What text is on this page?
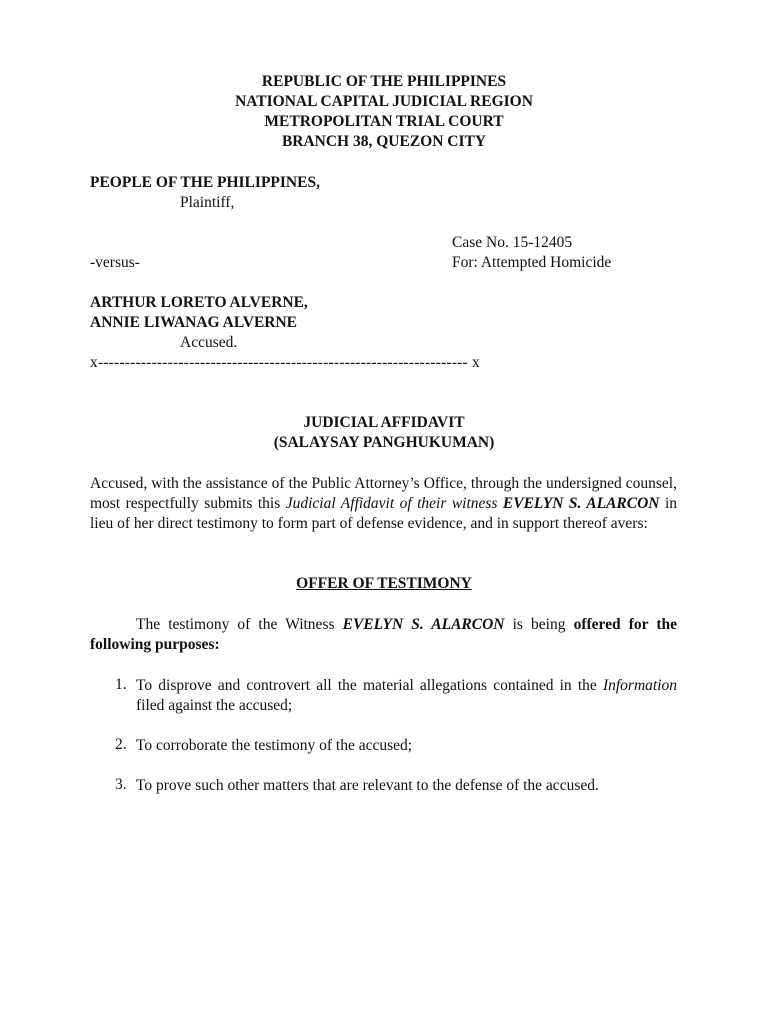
REPUBLIC OF THE PHILIPPINES
NATIONAL CAPITAL JUDICIAL REGION
METROPOLITAN TRIAL COURT
BRANCH 38, QUEZON CITY
PEOPLE OF THE PHILIPPINES,
Plaintiff,
Case No. 15-12405
-versus-	For: Attempted Homicide
ARTHUR LORETO ALVERNE,
ANNIE LIWANAG ALVERNE
Accused.
x--------------------------------------------------------------------- x
JUDICIAL AFFIDAVIT
(SALAYSAY PANGHUKUMAN)
Accused, with the assistance of the Public Attorney’s Office, through the undersigned counsel, most respectfully submits this Judicial Affidavit of their witness EVELYN S. ALARCON in lieu of her direct testimony to form part of defense evidence, and in support thereof avers:
OFFER OF TESTIMONY
The testimony of the Witness EVELYN S. ALARCON is being offered for the following purposes:
1. To disprove and controvert all the material allegations contained in the Information filed against the accused;
2. To corroborate the testimony of the accused;
3. To prove such other matters that are relevant to the defense of the accused.
